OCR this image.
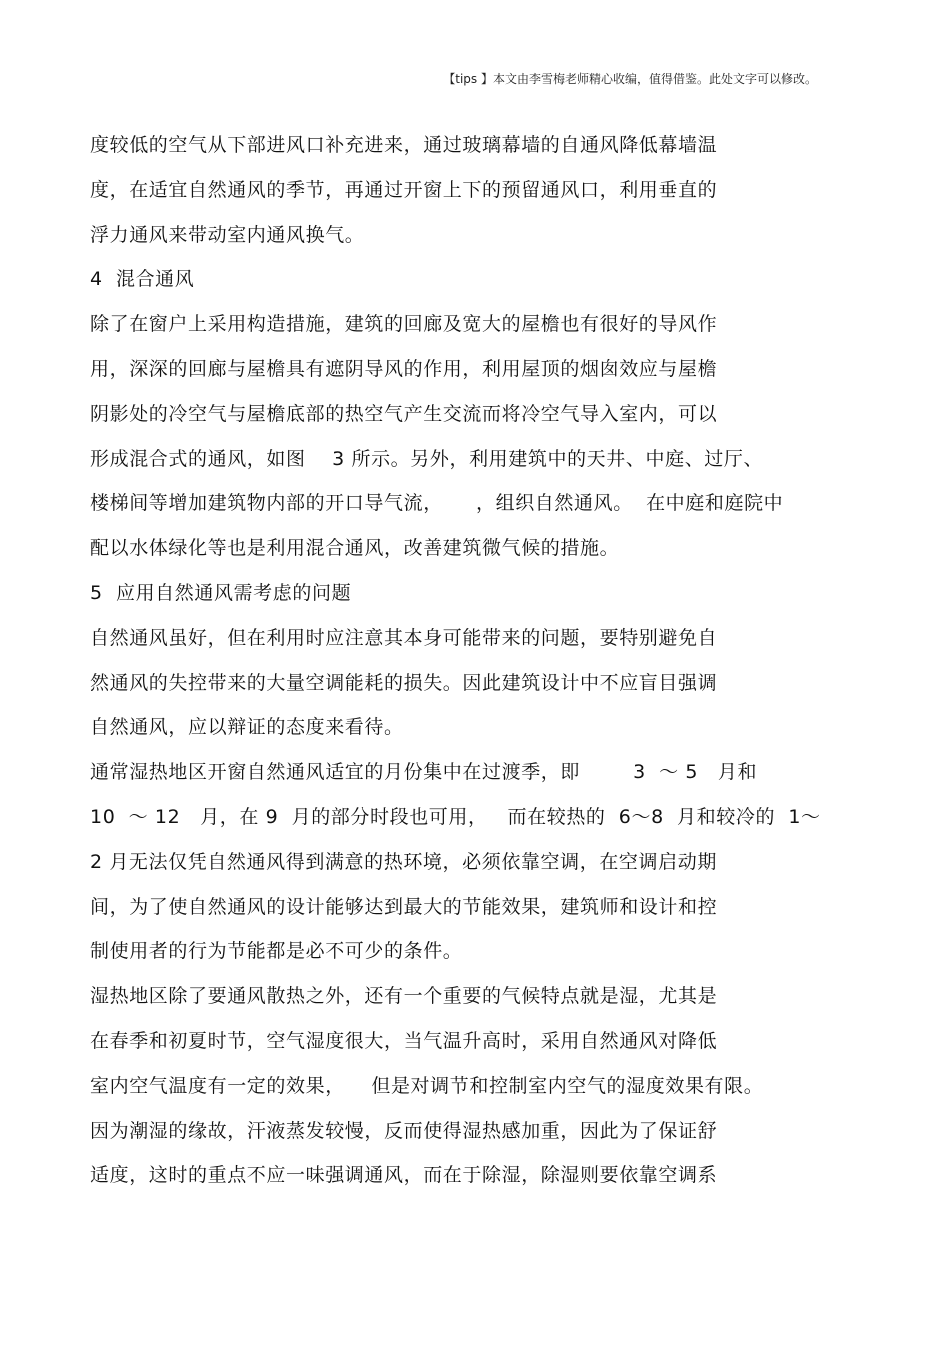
【tips 】本文由李雪梅老师精心收编，值得借鉴。此处文字可以修改。
度较低的空气从下部进风口补充进来，通过玻璃幕墙的自通风降低幕墙温
度，在适宜自然通风的季节，再通过开窗上下的预留通风口，利用垂直的
浮力通风来带动室内通风换气。
4  混合通风
除了在窗户上采用构造措施，建筑的回廊及宽大的屋檐也有很好的导风作
用，深深的回廊与屋檐具有遮阴导风的作用，利用屋顶的烟囱效应与屋檐
阴影处的冷空气与屋檐底部的热空气产生交流而将冷空气导入室内，可以
形成混合式的通风，如图    3 所示。另外，利用建筑中的天井、中庭、过厅、
楼梯间等增加建筑物内部的开口导气流，     ，组织自然通风。  在中庭和庭院中
配以水体绿化等也是利用混合通风，改善建筑微气候的措施。
5  应用自然通风需考虑的问题
自然通风虽好，但在利用时应注意其本身可能带来的问题，要特别避免自
然通风的失控带来的大量空调能耗的损失。因此建筑设计中不应盲目强调
自然通风，应以辩证的态度来看待。
通常湿热地区开窗自然通风适宜的月份集中在过渡季，即        3  ～ 5   月和
10  ～ 12   月，在 9  月的部分时段也可用，   而在较热的  6～8  月和较冷的  1～
2 月无法仅凭自然通风得到满意的热环境，必须依靠空调，在空调启动期
间，为了使自然通风的设计能够达到最大的节能效果，建筑师和设计和控
制使用者的行为节能都是必不可少的条件。
湿热地区除了要通风散热之外，还有一个重要的气候特点就是湿，尤其是
在春季和初夏时节，空气湿度很大，当气温升高时，采用自然通风对降低
室内空气温度有一定的效果，    但是对调节和控制室内空气的湿度效果有限。
因为潮湿的缘故，汗液蒸发较慢，反而使得湿热感加重，因此为了保证舒
适度，这时的重点不应一味强调通风，而在于除湿，除湿则要依靠空调系
